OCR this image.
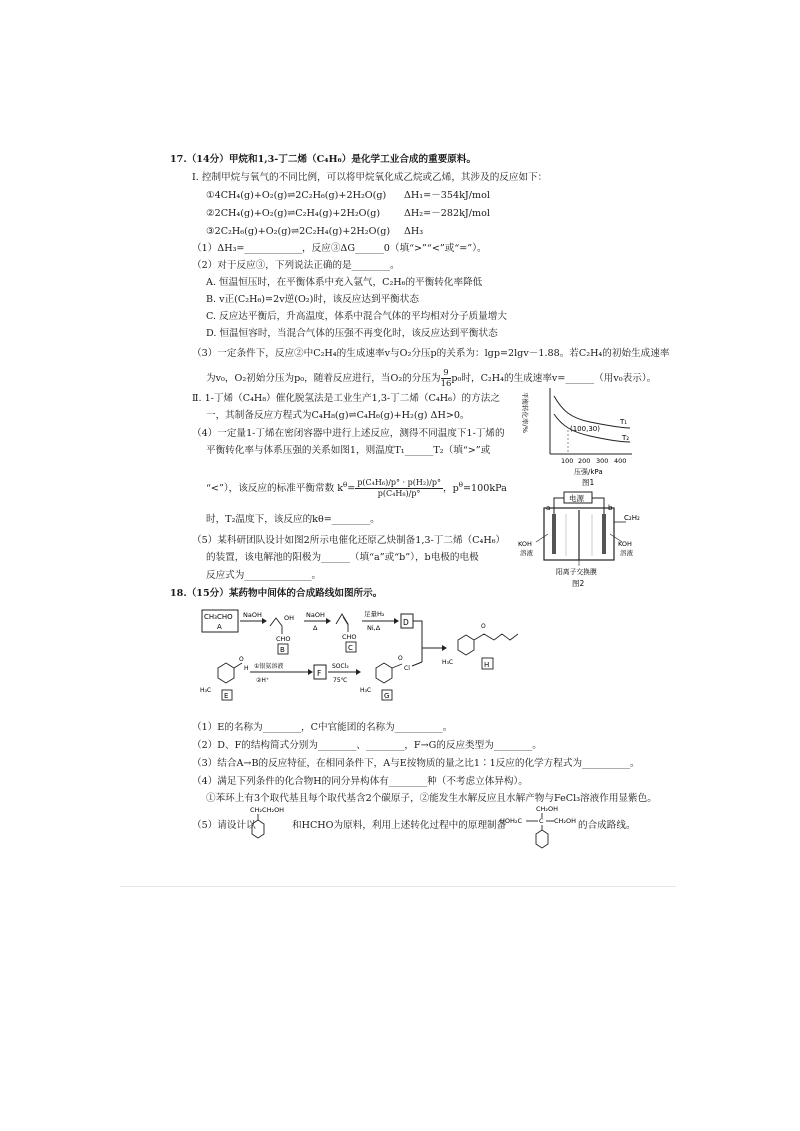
17.（14分）甲烷和1,3-丁二烯（C₄H₆）是化学工业合成的重要原料。
Ⅰ. 控制甲烷与氧气的不同比例，可以将甲烷氧化成乙烷或乙烯，其涉及的反应如下：
①4CH₄(g)+O₂(g)⇌2C₂H₆(g)+2H₂O(g) ΔH₁=－354kJ/mol
②2CH₄(g)+O₂(g)⇌C₂H₄(g)+2H₂O(g) ΔH₂=－282kJ/mol
③2C₂H₆(g)+O₂(g)⇌2C₂H₄(g)+2H₂O(g) ΔH₃
（1）ΔH₃=____________，反应③ΔG______0（填“>”“<”或“=”）。
（2）对于反应③，下列说法正确的是________。
A. 恒温恒压时，在平衡体系中充入氩气，C₂H₆的平衡转化率降低
B. v正(C₂H₆)=2v逆(O₂)时，该反应达到平衡状态
C. 反应达平衡后，升高温度，体系中混合气体的平均相对分子质量增大
D. 恒温恒容时，当混合气体的压强不再变化时，该反应达到平衡状态
（3）一定条件下，反应②中C₂H₄的生成速率v与O₂分压p的关系为：lgp=2lgv－1.88。若C₂H₄的初始生成速率
为v₀，O₂初始分压为p₀，随着反应进行，当O₂的分压为 $\frac{9}{16} p_0$时，C₂H₄的生成速率v=______（用v₀表示）。
Ⅱ. 1-丁烯（C₄H₈）催化脱氢法是工业生产1,3-丁二烯（C₄H₆）的方法之
一，其制备反应方程式为C₄H₈(g)⇌C₄H₆(g)+H₂(g) ΔH>0。
（4）一定量1-丁烯在密闭容器中进行上述反应，测得不同温度下1-丁烯的
平衡转化率与体系压强的关系如图1，则温度T₁______T₂（填“>”或
“<”），该反应的标准平衡常数 $k^\theta= \frac{\text{p(C₄H₆)/p° · p(H₂)/p°}}{\text{p(C₄H₈)/p°}}$ ，$p^\theta=100kPa$
时，T₂温度下，该反应的kθ=________。
（5）某科研团队设计如图2所示电催化还原乙炔制备1,3-丁二烯（C₄H₆）
的装置，该电解池的阳极为______（填“a”或“b”），b电极的电极
反应式为______________。
平衡转化率/%	(100,30)
T₁
T₂
100 200 300 400
压强/kPa
图1
电源
a	b
C₂H₂
KOH
溶液
KOH
溶液
阳离子交换膜
图2
18.（15分）某药物中间体的合成路线如图所示。
CH₃CHO
A
NaOH	OH
CHO
B
NaOH
Δ
CHO
C
足量H₂
Ni,Δ
D
O
H
H₃C
E
①银氨溶液
②H⁺
F
SOCl₂
75℃
O
Cl
H₃C
G
O
H₃C	H
（1）E的名称为________，C中官能团的名称为__________。
（2）D、F的结构简式分别为________、________，F→G的反应类型为________。
（3）结合A→B的反应特征，在相同条件下，A与E按物质的量之比1∶1反应的化学方程式为__________。
（4）满足下列条件的化合物H的同分异构体有________种（不考虑立体异构）。
①苯环上有3个取代基且每个取代基含2个碳原子，②能发生水解反应且水解产物与FeCl₃溶液作用显紫色。
（5）请设计以
CH₂CH₂OH
和HCHO为原料，利用上述转化过程中的原理制备
CH₂OH
HOH₂C	C CH₂OH 的合成路线。
